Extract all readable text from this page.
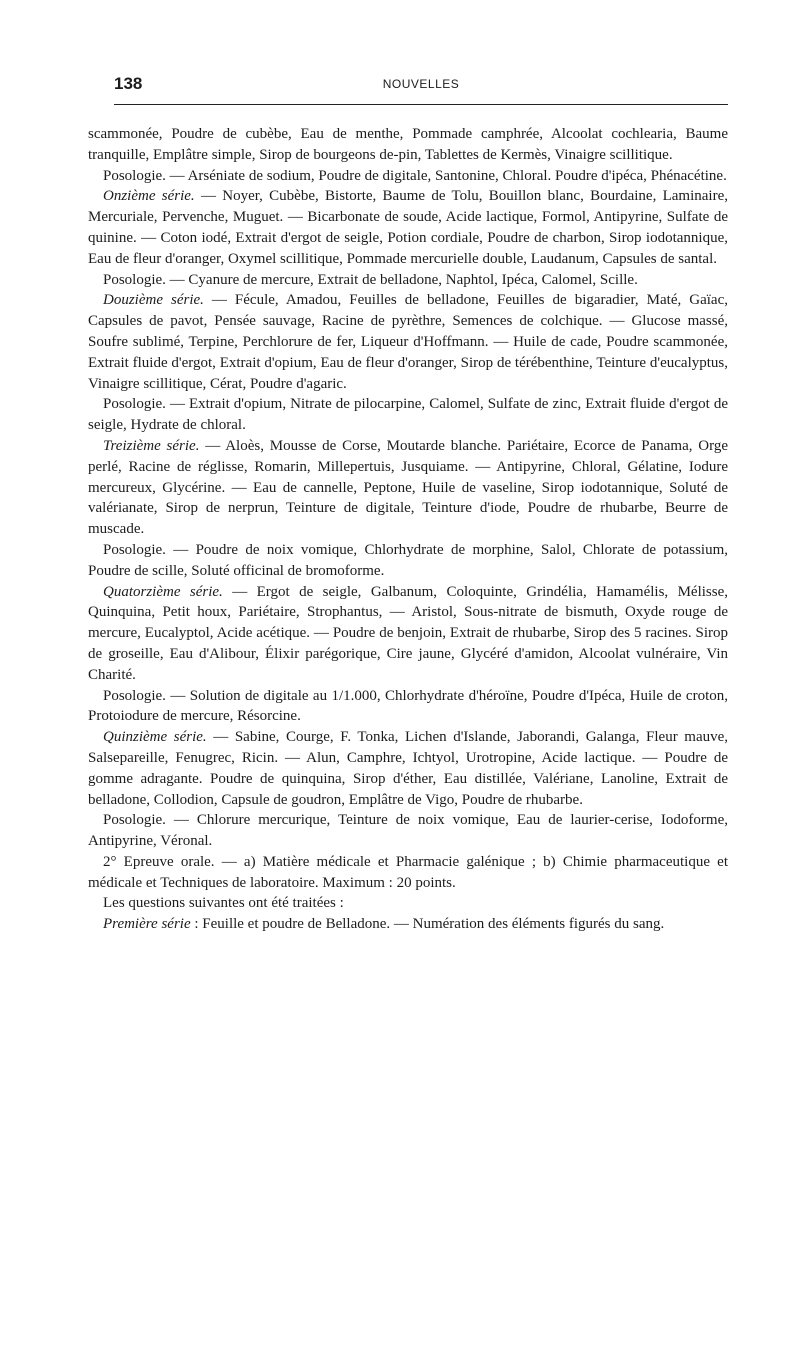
138	NOUVELLES

scammonée, Poudre de cubèbe, Eau de menthe, Pommade camphrée, Alcoolat cochlearia, Baume tranquille, Emplâtre simple, Sirop de bourgeons de-pin, Tablettes de Kermès, Vinaigre scillitique.

Posologie. — Arséniate de sodium, Poudre de digitale, Santonine, Chloral. Poudre d'ipéca, Phénacétine.

Onzième série. — Noyer, Cubèbe, Bistorte, Baume de Tolu, Bouillon blanc, Bourdaine, Laminaire, Mercuriale, Pervenche, Muguet. — Bicarbonate de soude, Acide lactique, Formol, Antipyrine, Sulfate de quinine. — Coton iodé, Extrait d'ergot de seigle, Potion cordiale, Poudre de charbon, Sirop iodotannique, Eau de fleur d'oranger, Oxymel scillitique, Pommade mercurielle double, Laudanum, Capsules de santal.

Posologie. — Cyanure de mercure, Extrait de belladone, Naphtol, Ipéca, Calomel, Scille.

Douzième série. — Fécule, Amadou, Feuilles de belladone, Feuilles de bigaradier, Maté, Gaïac, Capsules de pavot, Pensée sauvage, Racine de pyrèthre, Semences de colchique. — Glucose massé, Soufre sublimé, Terpine, Perchlorure de fer, Liqueur d'Hoffmann. — Huile de cade, Poudre scammonée, Extrait fluide d'ergot, Extrait d'opium, Eau de fleur d'oranger, Sirop de térébenthine, Teinture d'eucalyptus, Vinaigre scillitique, Cérat, Poudre d'agaric.

Posologie. — Extrait d'opium, Nitrate de pilocarpine, Calomel, Sulfate de zinc, Extrait fluide d'ergot de seigle, Hydrate de chloral.

Treizième série. — Aloès, Mousse de Corse, Moutarde blanche. Pariétaire, Ecorce de Panama, Orge perlé, Racine de réglisse, Romarin, Millepertuis, Jusquiame. — Antipyrine, Chloral, Gélatine, Iodure mercureux, Glycérine. — Eau de cannelle, Peptone, Huile de vaseline, Sirop iodotannique, Soluté de valérianate, Sirop de nerprun, Teinture de digitale, Teinture d'iode, Poudre de rhubarbe, Beurre de muscade.

Posologie. — Poudre de noix vomique, Chlorhydrate de morphine, Salol, Chlorate de potassium, Poudre de scille, Soluté officinal de bromoforme.

Quatorzième série. — Ergot de seigle, Galbanum, Coloquinte, Grindélia, Hamamélis, Mélisse, Quinquina, Petit houx, Pariétaire, Strophantus, — Aristol, Sous-nitrate de bismuth, Oxyde rouge de mercure, Eucalyptol, Acide acétique. — Poudre de benjoin, Extrait de rhubarbe, Sirop des 5 racines. Sirop de groseille, Eau d'Alibour, Élixir parégorique, Cire jaune, Glycéré d'amidon, Alcoolat vulnéraire, Vin Charité.

Posologie. — Solution de digitale au 1/1.000, Chlorhydrate d'héroïne, Poudre d'Ipéca, Huile de croton, Protoiodure de mercure, Résorcine.

Quinzième série. — Sabine, Courge, F. Tonka, Lichen d'Islande, Jaborandi, Galanga, Fleur mauve, Salsepareille, Fenugrec, Ricin. — Alun, Camphre, Ichtyol, Urotropine, Acide lactique. — Poudre de gomme adragante. Poudre de quinquina, Sirop d'éther, Eau distillée, Valériane, Lanoline, Extrait de belladone, Collodion, Capsule de goudron, Emplâtre de Vigo, Poudre de rhubarbe.

Posologie. — Chlorure mercurique, Teinture de noix vomique, Eau de laurier-cerise, Iodoforme, Antipyrine, Véronal.

2° Epreuve orale. — a) Matière médicale et Pharmacie galénique ; b) Chimie pharmaceutique et médicale et Techniques de laboratoire. Maximum : 20 points.

Les questions suivantes ont été traitées :

Première série : Feuille et poudre de Belladone. — Numération des éléments figurés du sang.
